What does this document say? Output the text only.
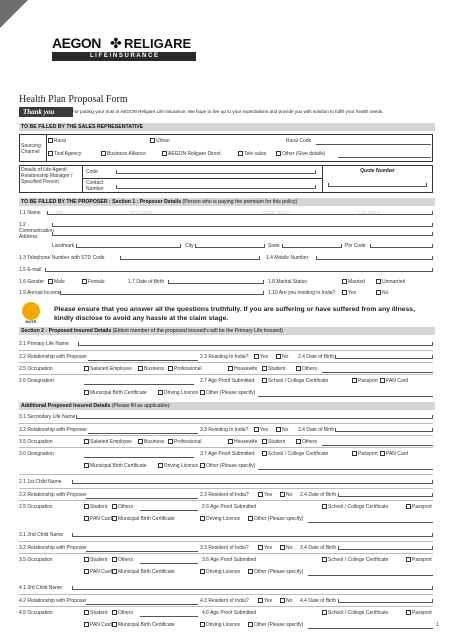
AEGON ✤ RELIGARE
L I F E I N S U R A N C E
Health Plan Proposal Form
Thank you	For putting your trust in AEGON Religare Life Insurance. We hope to live up to your expectations and provide you with solution to fulfill your health needs.
TO BE FILLED BY THE SALES REPRESENTATIVE
Sourcing Channel
Rural	Urban	Rural Code
Tied Agency	Business Alliance	AEGON Religare Direct	Tele sales	Other (Give details)
Details of Life Agent/ Relationship Manager / Specified Person
Code
Contact Number
Quote Number
TO BE FILLED BY THE PROPOSER : Section 1 : Proposer Details (Person who is paying the premium for this policy)
1.1 Name	Title	First Name	Middle Name	Last Name
1.2 Communication Address
Landmark	City	State	Pin Code
1.3 Telephone Number with STD Code	1.4 Mobile Number
1.5 E-mail
1.6 Gender	Male	Female	1.7 Date of Birth	1.8 Marital Status	Married	Unmarried
1.9 Annual Income	1.10 Are you residing in India?	Yes	No
NOTE
Please ensure that you answer all the questions truthfully. If you are suffering or have suffered from any illness, kindly disclose to avoid any hassle at the claim stage.
Section 2 : Proposed Insured Details (Eldest member of the proposed insured's will be the Primary Life Insured)
2.1 Primary Life Name
2.2 Relationship with Proposer	2.3 Residing In India?	Yes	No 2.4 Date of Birth
2.5 Occupation	Salaried Employee	Business	Professional	Housewife	Student	Others
2.6 Designation	2.7 Age Proof Submitted	School / College Certificate	Passport	PAN Card
Municipal Birth Certificate	Driving Licence	Other (Please specify)
Additional Proposed Insured Details (Please fill as applicable):
3.1 Secondary Life Name
3.2 Relationship with Proposer	3.3 Residing In India?	Yes	No 3.4 Date of Birth
3.5 Occupation	Salaried Employee	Business	Professional	Housewife	Student	Others
3.6 Designation	3.7 Age Proof Submitted	School / College Certificate	Passport	PAN Card
Municipal Birth Certificate	Driving Licence	Other (Please specify)
2.1 1st Child Name
2.2 Relationship with Proposer	2.3 Resident of India?	Yes	No 2.4 Date of Birth
2.5 Occupation	Student	Others	2.6 Age Proof Submitted	School / College Certificate	Passport
PAN Card	Municipal Birth Certificate	Driving Licence	Other (Please specify)
3.1 2nd Child Name
3.2 Relationship with Proposer	3.3 Resident of India?	Yes	No 3.4 Date of Birth
3.5 Occupation	Student	Others	3.6 Age Proof Submitted	School / College Certificate	Passport
PAN Card	Municipal Birth Certificate	Driving Licence	Other (Please specify)
4.1 3rd Child Name
4.2 Relationship with Proposer	4.3 Resident of India?	Yes	No 4.4 Date of Birth
4.5 Occupation	Student	Others	4.6 Age Proof Submitted	School / College Certificate	Passport
PAN Card	Municipal Birth Certificate	Driving Licence	Other (Please specify)	1
